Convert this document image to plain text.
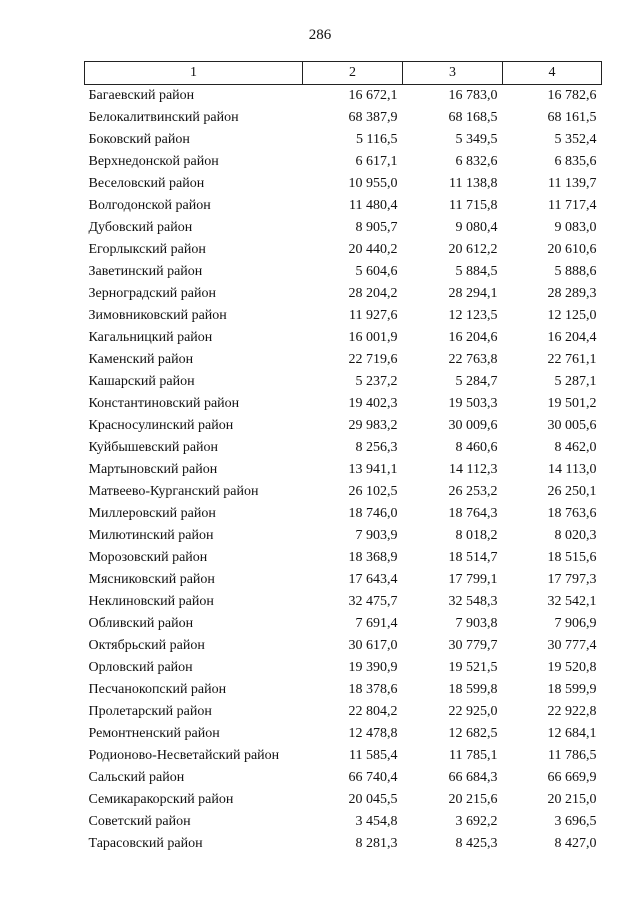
286
1	2	3	4
Багаевский район	16 672,1	16 783,0	16 782,6
Белокалитвинский район	68 387,9	68 168,5	68 161,5
Боковский район	5 116,5	5 349,5	5 352,4
Верхнедонской район	6 617,1	6 832,6	6 835,6
Веселовский район	10 955,0	11 138,8	11 139,7
Волгодонской район	11 480,4	11 715,8	11 717,4
Дубовский район	8 905,7	9 080,4	9 083,0
Егорлыкский район	20 440,2	20 612,2	20 610,6
Заветинский район	5 604,6	5 884,5	5 888,6
Зерноградский район	28 204,2	28 294,1	28 289,3
Зимовниковский район	11 927,6	12 123,5	12 125,0
Кагальницкий район	16 001,9	16 204,6	16 204,4
Каменский район	22 719,6	22 763,8	22 761,1
Кашарский район	5 237,2	5 284,7	5 287,1
Константиновский район	19 402,3	19 503,3	19 501,2
Красносулинский район	29 983,2	30 009,6	30 005,6
Куйбышевский район	8 256,3	8 460,6	8 462,0
Мартыновский район	13 941,1	14 112,3	14 113,0
Матвеево-Курганский район	26 102,5	26 253,2	26 250,1
Миллеровский район	18 746,0	18 764,3	18 763,6
Милютинский район	7 903,9	8 018,2	8 020,3
Морозовский район	18 368,9	18 514,7	18 515,6
Мясниковский район	17 643,4	17 799,1	17 797,3
Неклиновский район	32 475,7	32 548,3	32 542,1
Обливский район	7 691,4	7 903,8	7 906,9
Октябрьский район	30 617,0	30 779,7	30 777,4
Орловский район	19 390,9	19 521,5	19 520,8
Песчанокопский район	18 378,6	18 599,8	18 599,9
Пролетарский район	22 804,2	22 925,0	22 922,8
Ремонтненский район	12 478,8	12 682,5	12 684,1
Родионово-Несветайский район	11 585,4	11 785,1	11 786,5
Сальский район	66 740,4	66 684,3	66 669,9
Семикаракорский район	20 045,5	20 215,6	20 215,0
Советский район	3 454,8	3 692,2	3 696,5
Тарасовский район	8 281,3	8 425,3	8 427,0
